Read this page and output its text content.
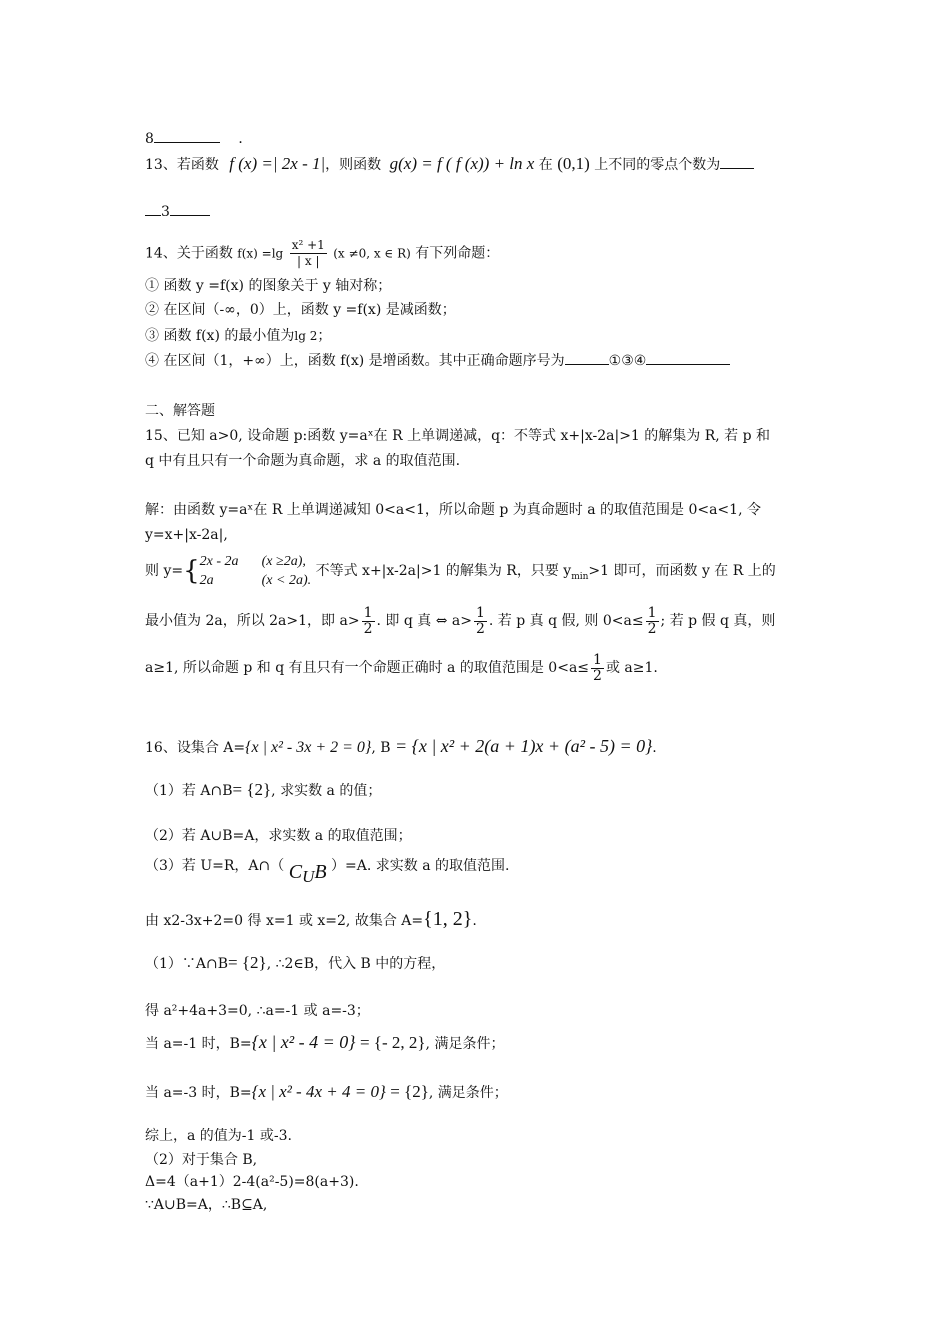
8	．
13、若函数 f (x) =| 2x - 1|，则函数 g(x) = f ( f (x)) + ln x 在 (0,1) 上不同的零点个数为
3
14、关于函数 $f(x) =\lg \frac{\text{x² +1}}{| x |} (x \ne 0$, x ∈ R) 有下列命题：
① 函数 y =f(x) 的图象关于 y 轴对称；
② 在区间（-∞，0）上，函数 y =f(x) 是减函数；
③ 函数 f(x) 的最小值为lg 2；
④ 在区间（1，+∞）上，函数 f(x) 是增函数。其中正确命题序号为	①③④
二、解答题
15、已知 a>0, 设命题 p:函数 y=aˣ在 R 上单调递减，q：不等式 x+|x-2a|>1 的解集为 R, 若 p 和
q 中有且只有一个命题为真命题，求 a 的取值范围.
解：由函数 y=aˣ在 R 上单调递减知 0<a<1，所以命题 p 为真命题时 a 的取值范围是 0<a<1, 令
y=x+|x-2a|,
则 y={ 2x - 2a (x ≥2a),
2a	(x < 2a).
不等式 x+|x-2a|>1 的解集为 R，只要 $y_{min}>1$ 即可，而函数 y 在 R 上的
最小值为 2a，所以 2a>1，即 $a> \frac{1}{2}$ . 即 q 真 ⇔ $a> \frac{1}{2}$ . 若 p 真 q 假, 则 $0<a\le \frac{1}{2}$ ; 若 p 假 q 真，则
a≥1, 所以命题 p 和 q 有且只有一个命题正确时 a 的取值范围是 $0<a\le \frac{1}{2}$ 或 a≥1.
16、设集合 A={x | x² - 3x + 2 = 0}, B = {x | x² + 2(a + 1)x + (a² - 5) = 0}.
（1）若 A∩B= {2}, 求实数 a 的值；
（2）若 A∪B=A，求实数 a 的取值范围；
（3）若 U=R，A∩（ $C_UB$ ）=A. 求实数 a 的取值范围.
由 x2-3x+2=0 得 x=1 或 x=2, 故集合 A={1, 2}.
（1）∵A∩B= {2}, ∴2∈B，代入 B 中的方程，
得 a²+4a+3=0, ∴a=-1 或 a=-3；
当 a=-1 时，B={x | x² - 4 = 0} = {- 2, 2}, 满足条件；
当 a=-3 时，B={x | x² - 4x + 4 = 0} = {2}, 满足条件；
综上，a 的值为-1 或-3.
（2）对于集合 B,
Δ=4（a+1）2-4(a²-5)=8(a+3).
∵A∪B=A，∴B⊆A,
